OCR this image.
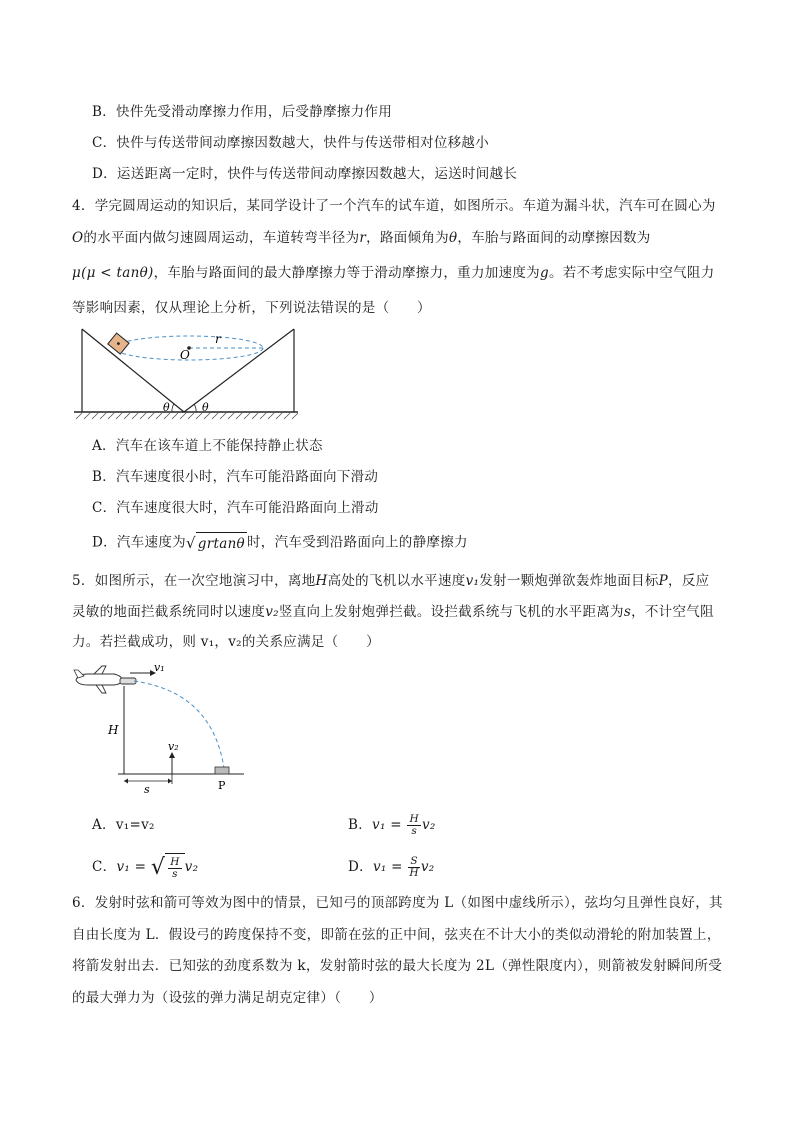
B．快件先受滑动摩擦力作用，后受静摩擦力作用
C．快件与传送带间动摩擦因数越大，快件与传送带相对位移越小
D．运送距离一定时，快件与传送带间动摩擦因数越大，运送时间越长
4．学完圆周运动的知识后，某同学设计了一个汽车的试车道，如图所示。车道为漏斗状，汽车可在圆心为
O的水平面内做匀速圆周运动，车道转弯半径为r，路面倾角为θ，车胎与路面间的动摩擦因数为
μ(μ < tanθ)，车胎与路面间的最大静摩擦力等于滑动摩擦力，重力加速度为g。若不考虑实际中空气阻力
等影响因素，仅从理论上分析，下列说法错误的是（　　）
O
r
θ	θ
A．汽车在该车道上不能保持静止状态
B．汽车速度很小时，汽车可能沿路面向下滑动
C．汽车速度很大时，汽车可能沿路面向上滑动
D．汽车速度为 √ grtanθ 时，汽车受到沿路面向上的静摩擦力
5．如图所示，在一次空地演习中，离地H高处的飞机以水平速度v₁发射一颗炮弹欲轰炸地面目标P，反应
灵敏的地面拦截系统同时以速度v₂竖直向上发射炮弹拦截。设拦截系统与飞机的水平距离为s，不计空气阻
力。若拦截成功，则 v₁，v₂的关系应满足（　　）
v₁
H
v₂
s	P
A．v₁=v₂	B．$v_1 = \frac{H}{s} v_2$
C．v₁ = √ $\frac{H}{s} v_2$	D．$v_1 = \frac{S}{H} v_2$
6．发射时弦和箭可等效为图中的情景，已知弓的顶部跨度为 L（如图中虚线所示），弦均匀且弹性良好，其
自由长度为 L．假设弓的跨度保持不变，即箭在弦的正中间，弦夹在不计大小的类似动滑轮的附加装置上，
将箭发射出去．已知弦的劲度系数为 k，发射箭时弦的最大长度为 2L（弹性限度内），则箭被发射瞬间所受
的最大弹力为（设弦的弹力满足胡克定律）（　　）
